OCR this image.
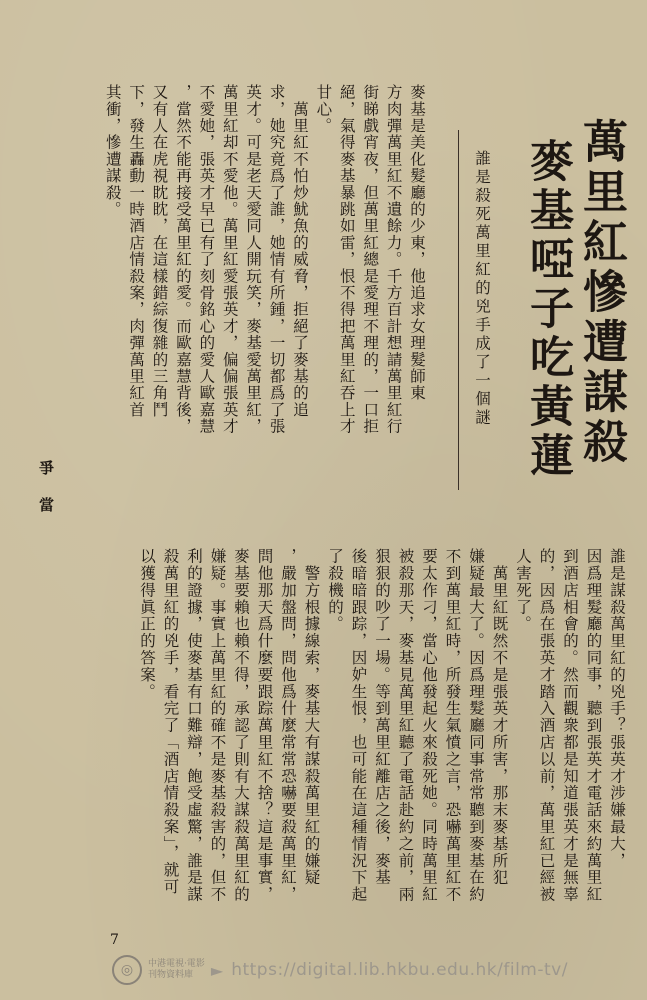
萬里紅慘遭謀殺
麥基啞子吃黃蓮
誰是殺死萬里紅的兇手成了一個謎
麥基是美化髮廳的少東，他追求女理髮師東
方肉彈萬里紅不遺餘力。千方百計想請萬里紅行
街睇戲宵夜，但萬里紅總是愛理不理的，一口拒
絕，氣得麥基暴跳如雷，恨不得把萬里紅吞上才
甘心。
　萬里紅不怕炒魷魚的威脅，拒絕了麥基的追
求，她究竟爲了誰，她情有所鍾，一切都爲了張
英才。可是老天愛同人開玩笑，麥基愛萬里紅，
萬里紅却不愛他。萬里紅愛張英才，偏偏張英才
不愛她，張英才早已有了刻骨銘心的愛人歐嘉慧
，當然不能再接受萬里紅的愛。而歐嘉慧背後，
又有人在虎視眈眈，在這樣錯綜復雜的三角鬥
下，發生轟動一時酒店情殺案，肉彈萬里紅首
其衝，慘遭謀殺。
爭當
誰是謀殺萬里紅的兇手？張英才涉嫌最大，
因爲理髮廳的同事，聽到張英才電話來約萬里紅
到酒店相會的。然而觀衆都是知道張英才是無辜
的，因爲在張英才踏入酒店以前，萬里紅已經被
人害死了。
　萬里紅既然不是張英才所害，那末麥基所犯
嫌疑最大了。因爲理髮廳同事常常聽到麥基在約
不到萬里紅時，所發生氣憤之言，恐嚇萬里紅不
要太作刁，當心他發起火來殺死她。同時萬里紅
被殺那天，麥基見萬里紅聽了電話赴約之前，兩
狠狠的吵了一場。等到萬里紅離店之後，麥基
後暗暗跟踪，因妒生恨，也可能在這種情況下起
了殺機的。
　警方根據線索，麥基大有謀殺萬里紅的嫌疑
，嚴加盤問，問他爲什麼常常恐嚇要殺萬里紅，
問他那天爲什麼要跟踪萬里紅不捨？這是事實，
麥基要賴也賴不得，承認了則有大謀殺萬里紅的
嫌疑。事實上萬里紅的確不是麥基殺害的，但不
利的證據，使麥基有口難辯，飽受虛驚，誰是謀
殺萬里紅的兇手，看完了「酒店情殺案」，就可
以獲得眞正的答案。
7
◎	中港電視·電影
刊物資料庫	► https://digital.lib.hkbu.edu.hk/film-tv/
